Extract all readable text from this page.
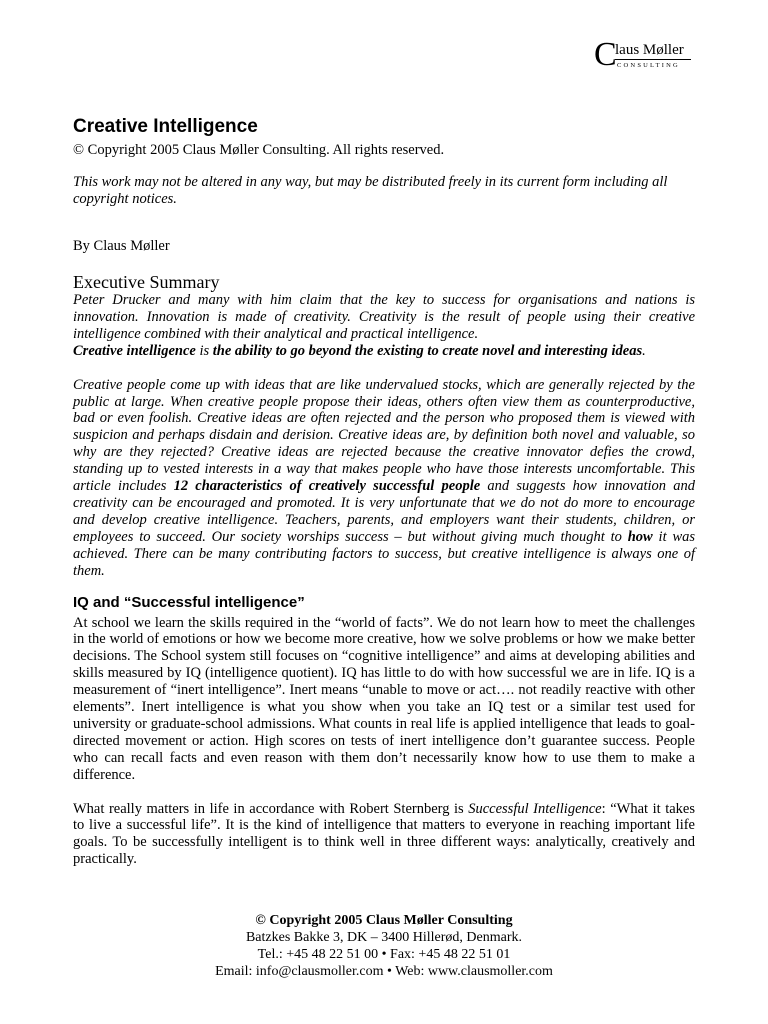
C
laus Møller
CONSULTING
Creative Intelligence
© Copyright 2005 Claus Møller Consulting. All rights reserved.
This work may not be altered in any way, but may be distributed freely in its current form including all copyright notices.
By Claus Møller
Executive Summary
Peter Drucker and many with him claim that the key to success for organisations and nations is innovation. Innovation is made of creativity. Creativity is the result of people using their creative intelligence combined with their analytical and practical intelligence.
Creative intelligence is the ability to go beyond the existing to create novel and interesting ideas.
Creative people come up with ideas that are like undervalued stocks, which are generally rejected by the public at large. When creative people propose their ideas, others often view them as counterproductive, bad or even foolish. Creative ideas are often rejected and the person who proposed them is viewed with suspicion and perhaps disdain and derision. Creative ideas are, by definition both novel and valuable, so why are they rejected? Creative ideas are rejected because the creative innovator defies the crowd, standing up to vested interests in a way that makes people who have those interests uncomfortable. This article includes 12 characteristics of creatively successful people and suggests how innovation and creativity can be encouraged and promoted. It is very unfortunate that we do not do more to encourage and develop creative intelligence. Teachers, parents, and employers want their students, children, or employees to succeed. Our society worships success – but without giving much thought to how it was achieved. There can be many contributing factors to success, but creative intelligence is always one of them.
IQ and “Successful intelligence”
At school we learn the skills required in the “world of facts”. We do not learn how to meet the challenges in the world of emotions or how we become more creative, how we solve problems or how we make better decisions. The School system still focuses on “cognitive intelligence” and aims at developing abilities and skills measured by IQ (intelligence quotient). IQ has little to do with how successful we are in life. IQ is a measurement of “inert intelligence”. Inert means “unable to move or act…. not readily reactive with other elements”. Inert intelligence is what you show when you take an IQ test or a similar test used for university or graduate-school admissions. What counts in real life is applied intelligence that leads to goal-directed movement or action. High scores on tests of inert intelligence don’t guarantee success. People who can recall facts and even reason with them don’t necessarily know how to use them to make a difference.
What really matters in life in accordance with Robert Sternberg is Successful Intelligence: “What it takes to live a successful life”. It is the kind of intelligence that matters to everyone in reaching important life goals. To be successfully intelligent is to think well in three different ways: analytically, creatively and practically.
© Copyright 2005 Claus Møller Consulting
Batzkes Bakke 3, DK – 3400 Hillerød, Denmark.
Tel.: +45 48 22 51 00 • Fax: +45 48 22 51 01
Email: info@clausmoller.com • Web: www.clausmoller.com
